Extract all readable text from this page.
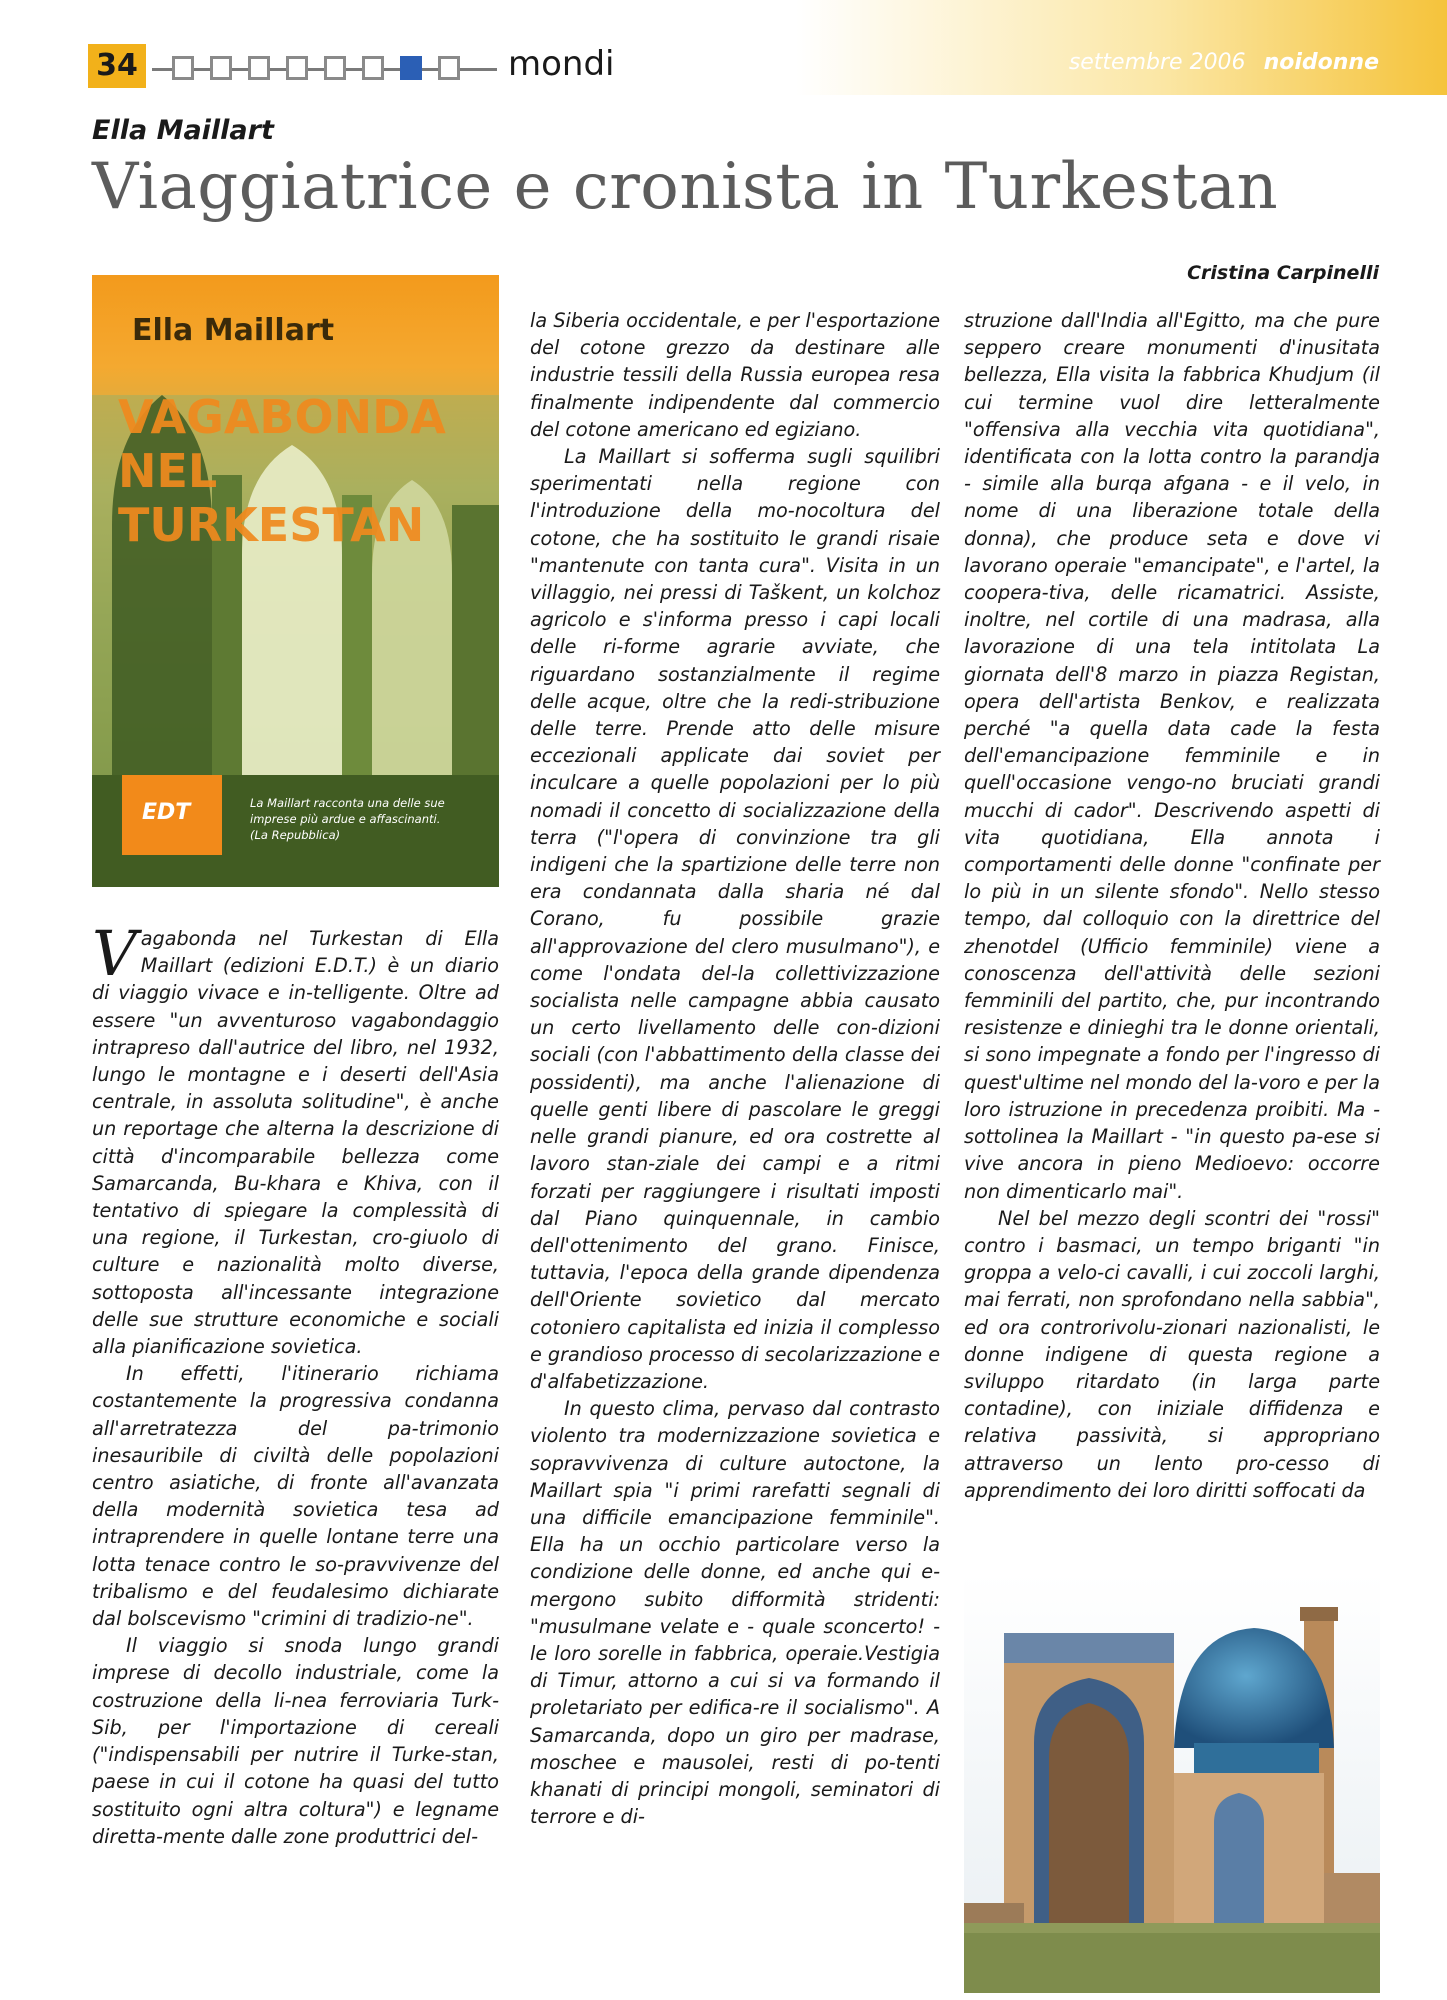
34	mondi	settembre 2006 noidonne
Ella Maillart
Viaggiatrice e cronista in Turkestan
Cristina Carpinelli
Ella Maillart
VAGABONDA
NEL TURKESTAN
EDT	La Maillart racconta una delle sue imprese più ardue e affascinanti.
(La Repubblica)

Vagabonda nel Turkestan di Ella Maillart (edizioni E.D.T.) è un diario di viaggio vivace e in-telligente. Oltre ad essere "un avventuroso vagabondaggio intrapreso dall'autrice del libro, nel 1932, lungo le montagne e i deserti dell'Asia centrale, in assoluta solitudine", è anche un reportage che alterna la descrizione di città d'incomparabile bellezza come Samarcanda, Bu-khara e Khiva, con il tentativo di spiegare la complessità di una regione, il Turkestan, cro-giuolo di culture e nazionalità molto diverse, sottoposta all'incessante integrazione delle sue strutture economiche e sociali alla pianificazione sovietica.

In effetti, l'itinerario richiama costantemente la progressiva condanna all'arretratezza del pa-trimonio inesauribile di civiltà delle popolazioni centro asiatiche, di fronte all'avanzata della modernità sovietica tesa ad intraprendere in quelle lontane terre una lotta tenace contro le so-pravvivenze del tribalismo e del feudalesimo dichiarate dal bolscevismo "crimini di tradizio-ne".

Il viaggio si snoda lungo grandi imprese di decollo industriale, come la costruzione della li-nea ferroviaria Turk-Sib, per l'importazione di cereali ("indispensabili per nutrire il Turke-stan, paese in cui il cotone ha quasi del tutto sostituito ogni altra coltura") e legname diretta-mente dalle zone produttrici del-

la Siberia occidentale, e per l'esportazione del cotone grezzo da destinare alle industrie tessili della Russia europea resa finalmente indipendente dal commercio del cotone americano ed egiziano.

La Maillart si sofferma sugli squilibri sperimentati nella regione con l'introduzione della mo-nocoltura del cotone, che ha sostituito le grandi risaie "mantenute con tanta cura". Visita in un villaggio, nei pressi di Taškent, un kolchoz agricolo e s'informa presso i capi locali delle ri-forme agrarie avviate, che riguardano sostanzialmente il regime delle acque, oltre che la redi-stribuzione delle terre. Prende atto delle misure eccezionali applicate dai soviet per inculcare a quelle popolazioni per lo più nomadi il concetto di socializzazione della terra ("l'opera di convinzione tra gli indigeni che la spartizione delle terre non era condannata dalla sharia né dal Corano, fu possibile grazie all'approvazione del clero musulmano"), e come l'ondata del-la collettivizzazione socialista nelle campagne abbia causato un certo livellamento delle con-dizioni sociali (con l'abbattimento della classe dei possidenti), ma anche l'alienazione di quelle genti libere di pascolare le greggi nelle grandi pianure, ed ora costrette al lavoro stan-ziale dei campi e a ritmi forzati per raggiungere i risultati imposti dal Piano quinquennale, in cambio dell'ottenimento del grano. Finisce, tuttavia, l'epoca della grande dipendenza dell'Oriente sovietico dal mercato cotoniero capitalista ed inizia il complesso e grandioso processo di secolarizzazione e d'alfabetizzazione.

In questo clima, pervaso dal contrasto violento tra modernizzazione sovietica e sopravvivenza di culture autoctone, la Maillart spia "i primi rarefatti segnali di una difficile emancipazione femminile". Ella ha un occhio particolare verso la condizione delle donne, ed anche qui e-mergono subito difformità stridenti: "musulmane velate e - quale sconcerto! - le loro sorelle in fabbrica, operaie.Vestigia di Timur, attorno a cui si va formando il proletariato per edifica-re il socialismo". A Samarcanda, dopo un giro per madrase, moschee e mausolei, resti di po-tenti khanati di principi mongoli, seminatori di terrore e di-

struzione dall'India all'Egitto, ma che pure seppero creare monumenti d'inusitata bellezza, Ella visita la fabbrica Khudjum (il cui termine vuol dire letteralmente "offensiva alla vecchia vita quotidiana", identificata con la lotta contro la parandja - simile alla burqa afgana - e il velo, in nome di una liberazione totale della donna), che produce seta e dove vi lavorano operaie "emancipate", e l'artel, la coopera-tiva, delle ricamatrici. Assiste, inoltre, nel cortile di una madrasa, alla lavorazione di una tela intitolata La giornata dell'8 marzo in piazza Registan, opera dell'artista Benkov, e realizzata perché "a quella data cade la festa dell'emancipazione femminile e in quell'occasione vengo-no bruciati grandi mucchi di cador". Descrivendo aspetti di vita quotidiana, Ella annota i comportamenti delle donne "confinate per lo più in un silente sfondo". Nello stesso tempo, dal colloquio con la direttrice del zhenotdel (Ufficio femminile) viene a conoscenza dell'attività delle sezioni femminili del partito, che, pur incontrando resistenze e dinieghi tra le donne orientali, si sono impegnate a fondo per l'ingresso di quest'ultime nel mondo del la-voro e per la loro istruzione in precedenza proibiti. Ma - sottolinea la Maillart - "in questo pa-ese si vive ancora in pieno Medioevo: occorre non dimenticarlo mai".

Nel bel mezzo degli scontri dei "rossi" contro i basmaci, un tempo briganti "in groppa a velo-ci cavalli, i cui zoccoli larghi, mai ferrati, non sprofondano nella sabbia", ed ora controrivolu-zionari nazionalisti, le donne indigene di questa regione a sviluppo ritardato (in larga parte contadine), con iniziale diffidenza e relativa passività, si appropriano attraverso un lento pro-cesso di apprendimento dei loro diritti soffocati da
